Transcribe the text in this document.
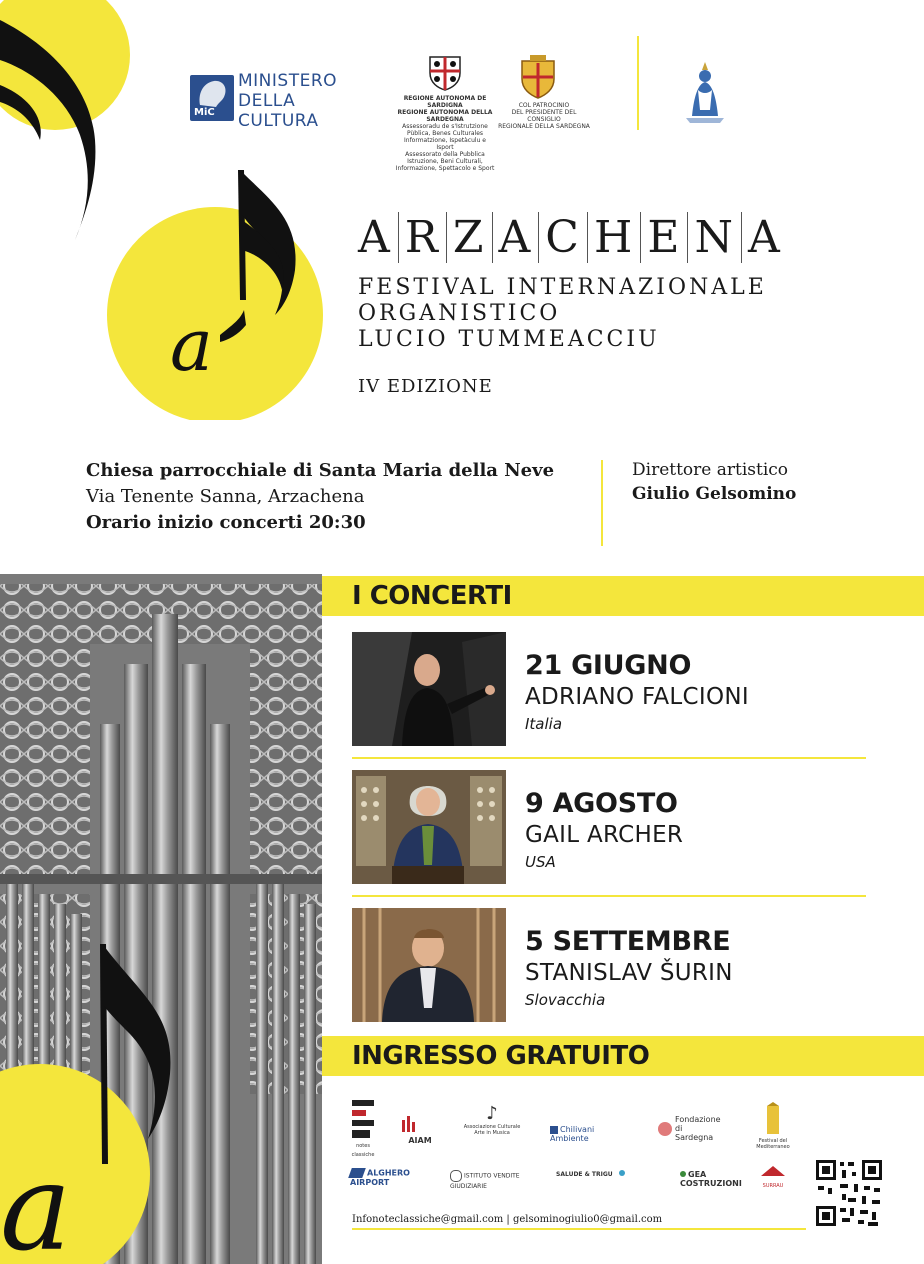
a
MiC
MINISTERO
DELLA
CULTURA
REGIONE AUTONOMA DE SARDIGNA
REGIONE AUTONOMA DELLA SARDEGNA
Assessoradu de s'Istrutzione Pùblica, Benes Culturales
Informatzione, Ispetàculu e Isport
Assessorato della Pubblica Istruzione, Beni Culturali,
Informazione, Spettacolo e Sport
COL PATROCINIO
DEL PRESIDENTE DEL CONSIGLIO
REGIONALE DELLA SARDEGNA
A R Z A C H E N A
FESTIVAL INTERNAZIONALE
ORGANISTICO
LUCIO TUMMEACCIU
IV EDIZIONE
Chiesa parrocchiale di Santa Maria della Neve
Via Tenente Sanna, Arzachena
Orario inizio concerti 20:30
Direttore artistico
Giulio Gelsomino
a
I CONCERTI
21 GIUGNO
ADRIANO FALCIONI
Italia
9 AGOSTO
GAIL ARCHER
USA
5 SETTEMBRE
STANISLAV ŠURIN
Slovacchia
INGRESSO GRATUITO
notes classiche
AIAM
♪
Associazione Culturale Arte in Musica	Chilivani Ambiente
Fondazione di Sardegna	Festival del Mediterraneo
ALGHERO AIRPORT
ISTITUTO VENDITE GIUDIZIARIE
SALUDE & TRIGU	GEA COSTRUZIONI	SURRAU
Infonoteclassiche@gmail.com | gelsominogiulio0@gmail.com
